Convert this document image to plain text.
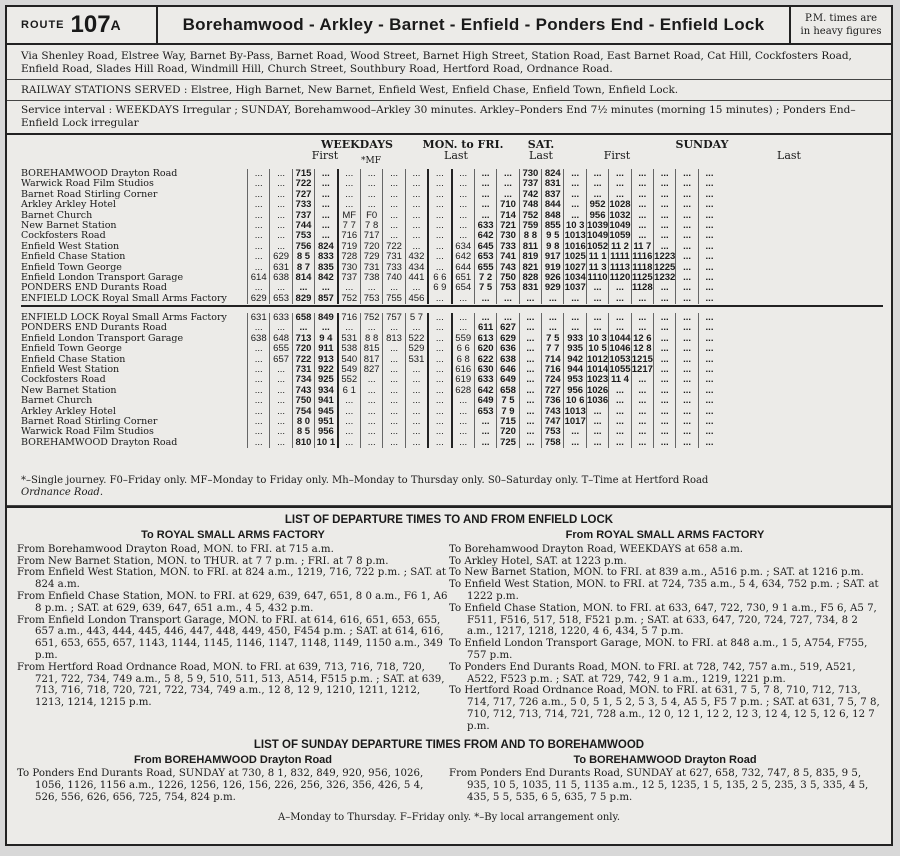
ROUTE 107 A	Borehamwood - Arkley - Barnet - Enfield - Ponders End - Enfield Lock	P.M. times are
in heavy figures
Via Shenley Road, Elstree Way, Barnet By-Pass, Barnet Road, Wood Street, Barnet High Street, Station Road, East Barnet Road, Cat Hill, Cockfosters Road, Enfield Road, Slades Hill Road, Windmill Hill, Church Street, Southbury Road, Hertford Road, Ordnance Road.
RAILWAY STATIONS SERVED : Elstree, High Barnet, New Barnet, Enfield West, Enfield Chase, Enfield Town, Enfield Lock.
Service interval : WEEKDAYS Irregular ; SUNDAY, Borehamwood–Arkley 30 minutes. Arkley–Ponders End 7½ minutes (morning 15 minutes) ; Ponders End–Enfield Lock irregular
WEEKDAYS
First	*MF
MON. to FRI.
Last
SAT.
Last
SUNDAY
First	Last
BOREHAMWOOD Drayton Road	...	...	715	...	...	...	...	...	...	...	...	...	730	824	...	...	...	...	...	...	...
Warwick Road Film Studios	...	...	722	...	...	...	...	...	...	...	...	...	737	831	...	...	...	...	...	...	...
Barnet Road Stirling Corner	...	...	727	...	...	...	...	...	...	...	...	...	742	837	...	...	...	...	...	...	...
Arkley Arkley Hotel	...	...	733	...	...	...	...	...	...	...	...	710	748	844	...	952	1028	...	...	...	...
Barnet Church	...	...	737	...	MF	F0	...	...	...	...	...	714	752	848	...	956	1032	...	...	...	...
New Barnet Station	...	...	744	...	7 7	7 8	...	...	...	...	633	721	759	855	10 3	1039	1049	...	...	...	...
Cockfosters Road	...	...	753	...	716	717	...	...	...	...	642	730	8 8	9 5	1013	1049	1059	...	...	...	...
Enfield West Station	...	...	756	824	719	720	722	...	...	634	645	733	811	9 8	1016	1052	11 2	11 7	...	...	...
Enfield Chase Station	...	629	8 5	833	728	729	731	432	...	642	653	741	819	917	1025	11 1	1111	1116	1223	...	...
Enfield Town George	...	631	8 7	835	730	731	733	434	...	644	655	743	821	919	1027	11 3	1113	1118	1225	...	...
Enfield London Transport Garage	614	638	814	842	737	738	740	441	6 6	651	7 2	750	828	926	1034	1110	1120	1125	1232	...	...
PONDERS END Durants Road	...	...	...	...	...	...	...	...	6 9	654	7 5	753	831	929	1037	...	...	1128	...	...	...
ENFIELD LOCK Royal Small Arms Factory	629	653	829	857	752	753	755	456	...	...	...	...	...	...	...	...	...	...	...	...	...
ENFIELD LOCK Royal Small Arms Factory	631	633	658	849	716	752	757	5 7	...	...	...	...	...	...	...	...	...	...	...	...	...
PONDERS END Durants Road	...	...	...	...	...	...	...	...	...	...	611	627	...	...	...	...	...	...	...	...	...
Enfield London Transport Garage	638	648	713	9 4	531	8 8	813	522	...	559	613	629	...	7 5	933	10 3	1044	12 6	...	...	...
Enfield Town George	...	655	720	911	538	815	...	529	...	6 6	620	636	...	7 7	935	10 5	1046	12 8	...	...	...
Enfield Chase Station	...	657	722	913	540	817	...	531	...	6 8	622	638	...	714	942	1012	1053	1215	...	...	...
Enfield West Station	...	...	731	922	549	827	...	...	...	616	630	646	...	716	944	1014	1055	1217	...	...	...
Cockfosters Road	...	...	734	925	552	...	...	...	...	619	633	649	...	724	953	1023	11 4	...	...	...	...
New Barnet Station	...	...	743	934	6 1	...	...	...	...	628	642	658	...	727	956	1026	...	...	...	...	...
Barnet Church	...	...	750	941	...	...	...	...	...	...	649	7 5	...	736	10 6	1036	...	...	...	...	...
Arkley Arkley Hotel	...	...	754	945	...	...	...	...	...	...	653	7 9	...	743	1013	...	...	...	...	...	...
Barnet Road Stirling Corner	...	...	8 0	951	...	...	...	...	...	...	...	715	...	747	1017	...	...	...	...	...	...
Warwick Road Film Studios	...	...	8 5	956	...	...	...	...	...	...	...	720	...	753	...	...	...	...	...	...	...
BOREHAMWOOD Drayton Road	...	...	810	10 1	...	...	...	...	...	...	...	725	...	758	...	...	...	...	...	...	...
*–Single journey. F0–Friday only. MF–Monday to Friday only. Mh–Monday to Thursday only. S0–Saturday only. T–Time at Hertford Road
Ordnance Road.
LIST OF DEPARTURE TIMES TO AND FROM ENFIELD LOCK
To ROYAL SMALL ARMS FACTORY

From Borehamwood Drayton Road, MON. to FRI. at 715 a.m.

From New Barnet Station, MON. to THUR. at 7 7 p.m. ; FRI. at 7 8 p.m.

From Enfield West Station, MON. to FRI. at 824 a.m., 1219, 716, 722 p.m. ; SAT. at 824 a.m.

From Enfield Chase Station, MON. to FRI. at 629, 639, 647, 651, 8 0 a.m., F6 1, A6 8 p.m. ; SAT. at 629, 639, 647, 651 a.m., 4 5, 432 p.m.

From Enfield London Transport Garage, MON. to FRI. at 614, 616, 651, 653, 655, 657 a.m., 443, 444, 445, 446, 447, 448, 449, 450, F454 p.m. ; SAT. at 614, 616, 651, 653, 655, 657, 1143, 1144, 1145, 1146, 1147, 1148, 1149, 1150 a.m., 349 p.m.

From Hertford Road Ordnance Road, MON. to FRI. at 639, 713, 716, 718, 720, 721, 722, 734, 749 a.m., 5 8, 5 9, 510, 511, 513, A514, F515 p.m. ; SAT. at 639, 713, 716, 718, 720, 721, 722, 734, 749 a.m., 12 8, 12 9, 1210, 1211, 1212, 1213, 1214, 1215 p.m.

From ROYAL SMALL ARMS FACTORY

To Borehamwood Drayton Road, WEEKDAYS at 658 a.m.

To Arkley Hotel, SAT. at 1223 p.m.

To New Barnet Station, MON. to FRI. at 839 a.m., A516 p.m. ; SAT. at 1216 p.m.

To Enfield West Station, MON. to FRI. at 724, 735 a.m., 5 4, 634, 752 p.m. ; SAT. at 1222 p.m.

To Enfield Chase Station, MON. to FRI. at 633, 647, 722, 730, 9 1 a.m., F5 6, A5 7, F511, F516, 517, 518, F521 p.m. ; SAT. at 633, 647, 720, 724, 727, 734, 8 2 a.m., 1217, 1218, 1220, 4 6, 434, 5 7 p.m.

To Enfield London Transport Garage, MON. to FRI. at 848 a.m., 1 5, A754, F755, 757 p.m.

To Ponders End Durants Road, MON. to FRI. at 728, 742, 757 a.m., 519, A521, A522, F523 p.m. ; SAT. at 729, 742, 9 1 a.m., 1219, 1221 p.m.

To Hertford Road Ordnance Road, MON. to FRI. at 631, 7 5, 7 8, 710, 712, 713, 714, 717, 726 a.m., 5 0, 5 1, 5 2, 5 3, 5 4, A5 5, F5 7 p.m. ; SAT. at 631, 7 5, 7 8, 710, 712, 713, 714, 721, 728 a.m., 12 0, 12 1, 12 2, 12 3, 12 4, 12 5, 12 6, 12 7 p.m.

LIST OF SUNDAY DEPARTURE TIMES FROM AND TO BOREHAMWOOD
From BOREHAMWOOD Drayton Road

To Ponders End Durants Road, SUNDAY at 730, 8 1, 832, 849, 920, 956, 1026, 1056, 1126, 1156 a.m., 1226, 1256, 126, 156, 226, 256, 326, 356, 426, 5 4, 526, 556, 626, 656, 725, 754, 824 p.m.

To BOREHAMWOOD Drayton Road

From Ponders End Durants Road, SUNDAY at 627, 658, 732, 747, 8 5, 835, 9 5, 935, 10 5, 1035, 11 5, 1135 a.m., 12 5, 1235, 1 5, 135, 2 5, 235, 3 5, 335, 4 5, 435, 5 5, 535, 6 5, 635, 7 5 p.m.

A–Monday to Thursday. F–Friday only. *–By local arrangement only.
